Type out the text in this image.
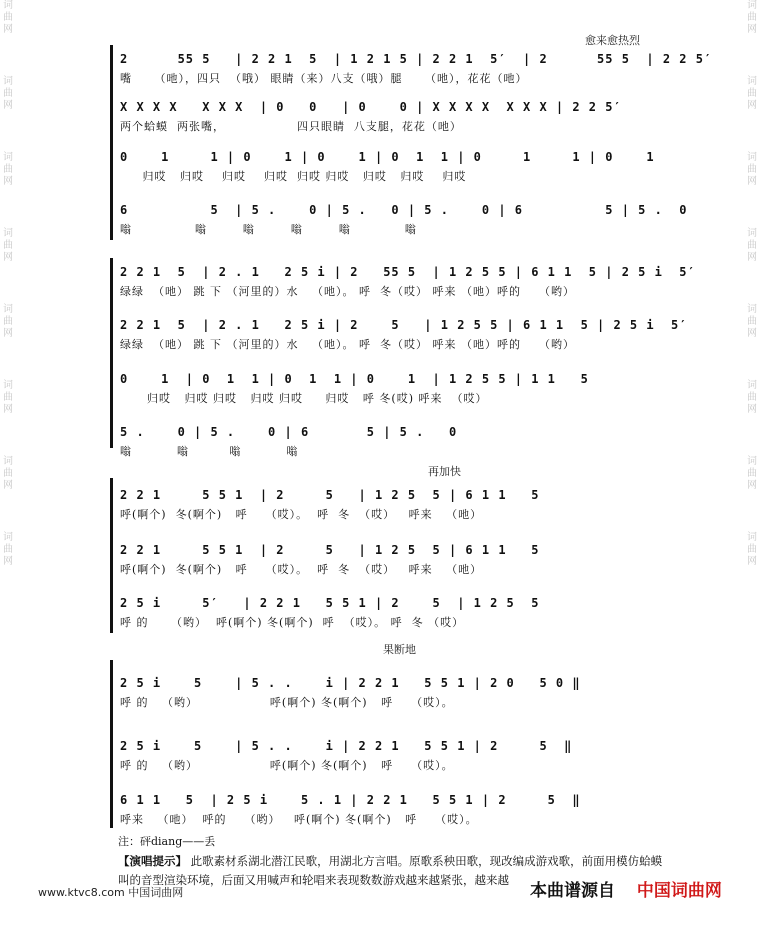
词
曲
网
词
曲
网
词
曲
网
词
曲
网
词
曲
网
词
曲
网
词
曲
网
词
曲
网
词
曲
网
词
曲
网
词
曲
网
词
曲
网
词
曲
网
词
曲
网
词
曲
网
词
曲
网
愈来愈热烈
再加快
果断地
2      55 5   | 2 2 1  5  | 1 2 1 5 | 2 2 1  5′  | 2      55 5  | 2 2 5′
嘴     （吔），四只  （哦） 眼睛（来）八支（哦）腿     （吔），花花（吔）
X X X X   X X X  | 0   0   | 0    0 | X X X X  X X X | 2 2 5′
两个蛤蟆  两张嘴，                四只眼睛  八支腿，花花（吔）
0    1     1 | 0    1 | 0    1 | 0  1  1 | 0     1     1 | 0    1
归哎   归哎    归哎    归哎  归哎 归哎   归哎   归哎    归哎
6          5  | 5 .    0 | 5 .   0 | 5 .    0 | 6          5 | 5 .  0
嗡              嗡        嗡        嗡        嗡            嗡
2 2 1  5  | 2 . 1   2 5 i | 2   55 5  | 1 2 5 5 | 6 1 1  5 | 2 5 i  5′
绿绿  （吔） 跳 下 （河里的）水   （吔）。 呼  冬（哎） 呼来 （吔）呼的    （哟）
2 2 1  5  | 2 . 1   2 5 i | 2    5   | 1 2 5 5 | 6 1 1  5 | 2 5 i  5′
绿绿  （吔） 跳 下 （河里的）水   （吔）。 呼  冬（哎） 呼来 （吔）呼的    （哟）
0    1  | 0  1  1 | 0  1  1 | 0    1  | 1 2 5 5 | 1 1   5
归哎   归哎 归哎   归哎 归哎     归哎   呼 冬(哎) 呼来  （哎）
5 .    0 | 5 .    0 | 6       5 | 5 .   0
嗡          嗡         嗡          嗡
2 2 1     5 5 1  | 2     5   | 1 2 5  5 | 6 1 1   5
呼(啊个)  冬(啊个)   呼    （哎）。  呼  冬  （哎）   呼来   （吔）
2 2 1     5 5 1  | 2     5   | 1 2 5  5 | 6 1 1   5
呼(啊个)  冬(啊个)   呼    （哎）。  呼  冬  （哎）   呼来   （吔）
2 5 i     5′   | 2 2 1   5 5 1 | 2    5  | 1 2 5  5
呼 的     （哟）  呼(啊个) 冬(啊个)  呼  （哎）。 呼  冬 （哎）
2 5 i    5    | 5 . .    i | 2 2 1   5 5 1 | 2 0   5 0 ‖
呼 的   （哟）                呼(啊个) 冬(啊个)   呼    （哎）。
2 5 i    5    | 5 . .    i | 2 2 1   5 5 1 | 2     5  ‖
呼 的   （哟）                呼(啊个) 冬(啊个)   呼    （哎）。
6 1 1   5  | 2 5 i    5 . 1 | 2 2 1   5 5 1 | 2     5  ‖
呼来   （吔）  呼的    （哟）   呼(啊个) 冬(啊个)   呼    （哎）。
注：砰diang——丢
【演唱提示】 此歌素材系湖北潜江民歌，用湖北方言唱。原歌系秧田歌，现改编成游戏歌，前面用模仿蛤蟆叫的音型渲染环境，后面又用喊声和轮唱来表现数数游戏越来越紧张，越来越
www.ktvc8.com 中国词曲网	本曲谱源自 中国词曲网
